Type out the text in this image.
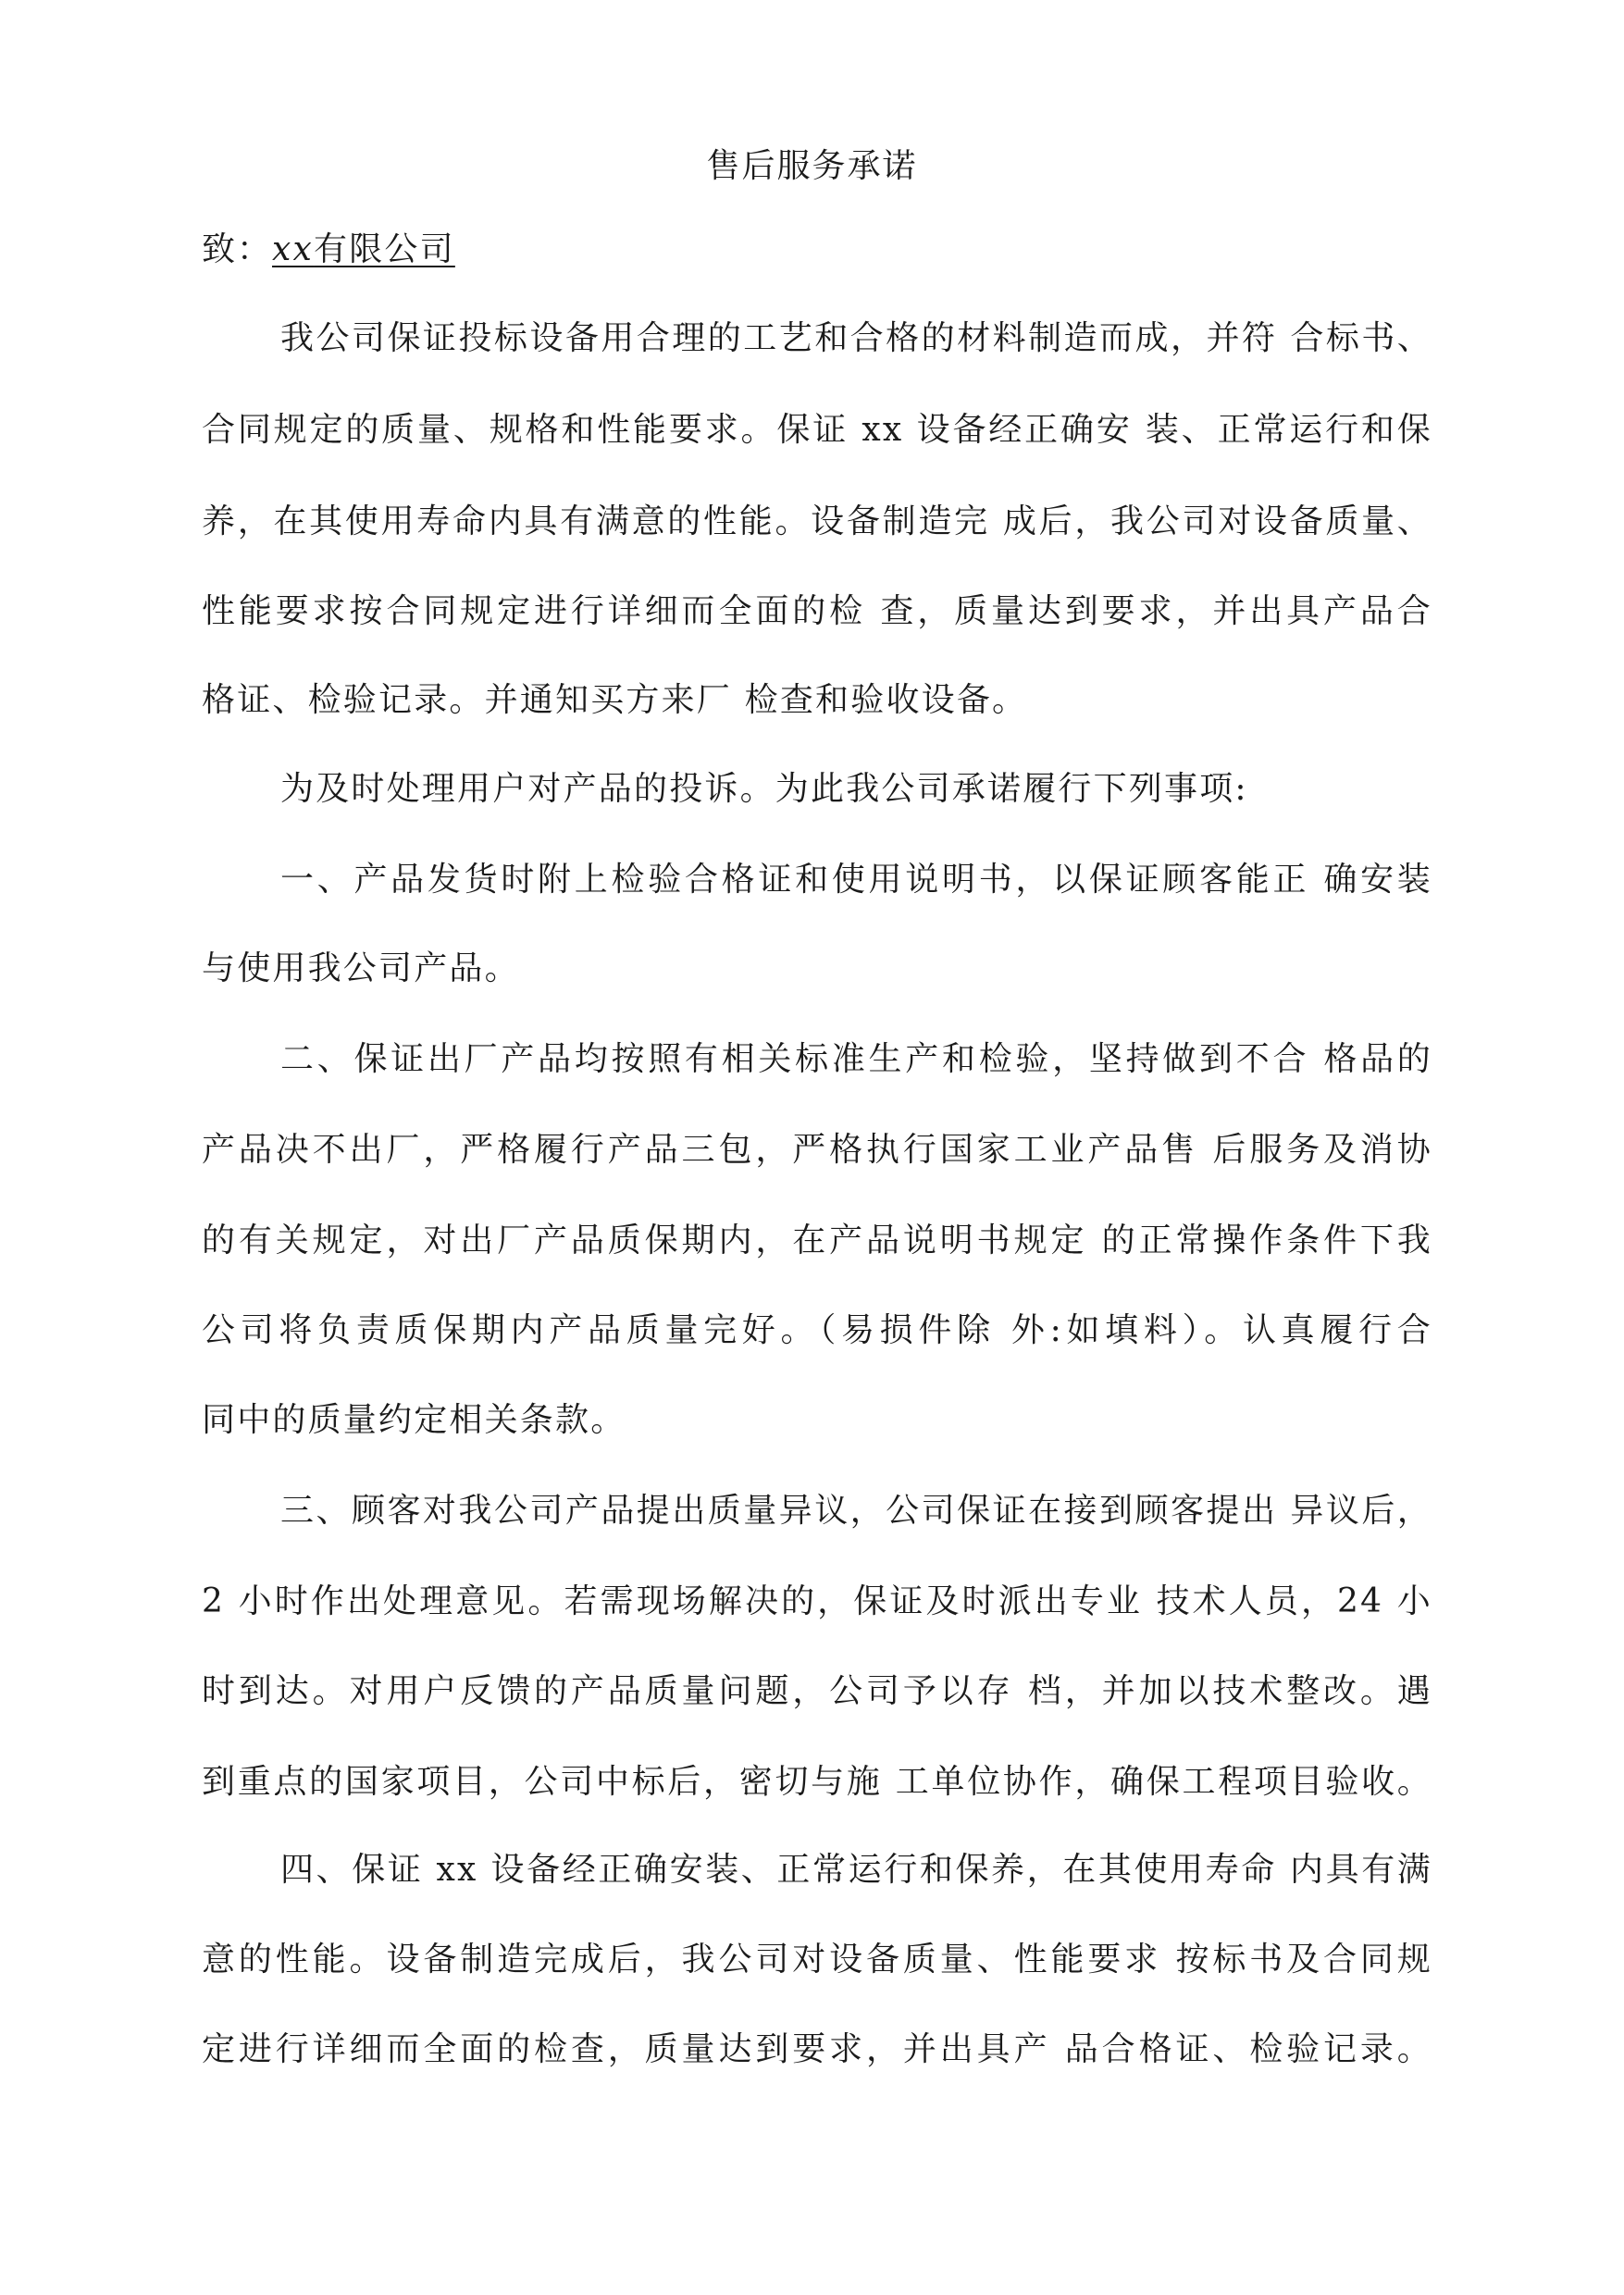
售后服务承诺
致：xx有限公司
我公司保证投标设备用合理的工艺和合格的材料制造而成，并符 合标书、
合同规定的质量、规格和性能要求。保证 xx 设备经正确安 装、正常运行和保
养，在其使用寿命内具有满意的性能。设备制造完 成后，我公司对设备质量、
性能要求按合同规定进行详细而全面的检 查，质量达到要求，并出具产品合
格证、检验记录。并通知买方来厂 检查和验收设备。
为及时处理用户对产品的投诉。为此我公司承诺履行下列事项:
一、产品发货时附上检验合格证和使用说明书，以保证顾客能正 确安装
与使用我公司产品。
二、保证出厂产品均按照有相关标准生产和检验，坚持做到不合 格品的
产品决不出厂，严格履行产品三包，严格执行国家工业产品售 后服务及消协
的有关规定，对出厂产品质保期内，在产品说明书规定 的正常操作条件下我
公司将负责质保期内产品质量完好。（易损件除 外:如填料）。认真履行合
同中的质量约定相关条款。
三、顾客对我公司产品提出质量异议，公司保证在接到顾客提出 异议后，
2 小时作出处理意见。若需现场解决的，保证及时派出专业 技术人员，24 小
时到达。对用户反馈的产品质量问题，公司予以存 档，并加以技术整改。遇
到重点的国家项目，公司中标后，密切与施 工单位协作，确保工程项目验收。
四、保证 xx 设备经正确安装、正常运行和保养，在其使用寿命 内具有满
意的性能。设备制造完成后，我公司对设备质量、性能要求 按标书及合同规
定进行详细而全面的检查，质量达到要求，并出具产 品合格证、检验记录。
